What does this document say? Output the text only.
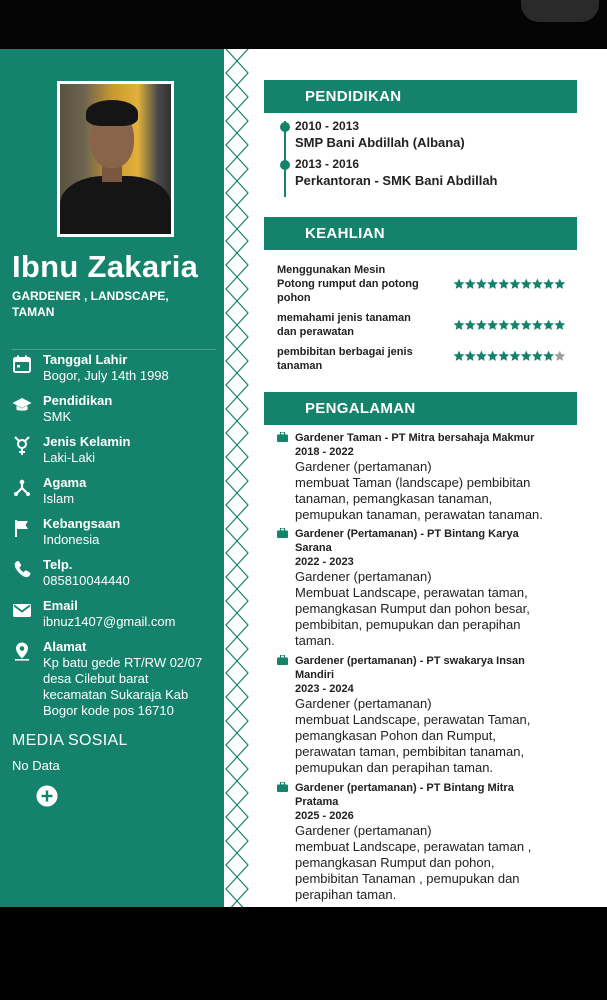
Ibnu Zakaria
GARDENER , LANDSCAPE, TAMAN
Tanggal Lahir
Bogor, July 14th 1998
Pendidikan
SMK
Jenis Kelamin
Laki-Laki
Agama
Islam
Kebangsaan
Indonesia
Telp.
085810044440
Email
ibnuz1407@gmail.com
Alamat
Kp batu gede RT/RW 02/07
desa Cilebut barat
kecamatan Sukaraja Kab
Bogor kode pos 16710
MEDIA SOSIAL
No Data
PENDIDIKAN
2010 - 2013
SMP Bani Abdillah (Albana)
2013 - 2016
Perkantoran - SMK Bani Abdillah
KEAHLIAN
Menggunakan Mesin
Potong rumput dan potong
pohon
memahami jenis tanaman
dan perawatan
pembibitan berbagai jenis
tanaman
PENGALAMAN
Gardener Taman - PT Mitra bersahaja Makmur
2018 - 2022
Gardener (pertamanan)
membuat Taman (landscape) pembibitan
tanaman, pemangkasan tanaman,
pemupukan tanaman, perawatan tanaman.
Gardener (Pertamanan) - PT Bintang Karya
Sarana
2022 - 2023
Gardener (pertamanan)
Membuat Landscape, perawatan taman,
pemangkasan Rumput dan pohon besar,
pembibitan, pemupukan dan perapihan
taman.
Gardener (pertamanan) - PT swakarya Insan
Mandiri
2023 - 2024
Gardener (pertamanan)
membuat Landscape, perawatan Taman,
pemangkasan Pohon dan Rumput,
perawatan taman, pembibitan tanaman,
pemupukan dan perapihan taman.
Gardener (pertamanan) - PT Bintang Mitra
Pratama
2025 - 2026
Gardener (pertamanan)
membuat Landscape, perawatan taman ,
pemangkasan Rumput dan pohon,
pembibitan Tanaman , pemupukan dan
perapihan taman.
